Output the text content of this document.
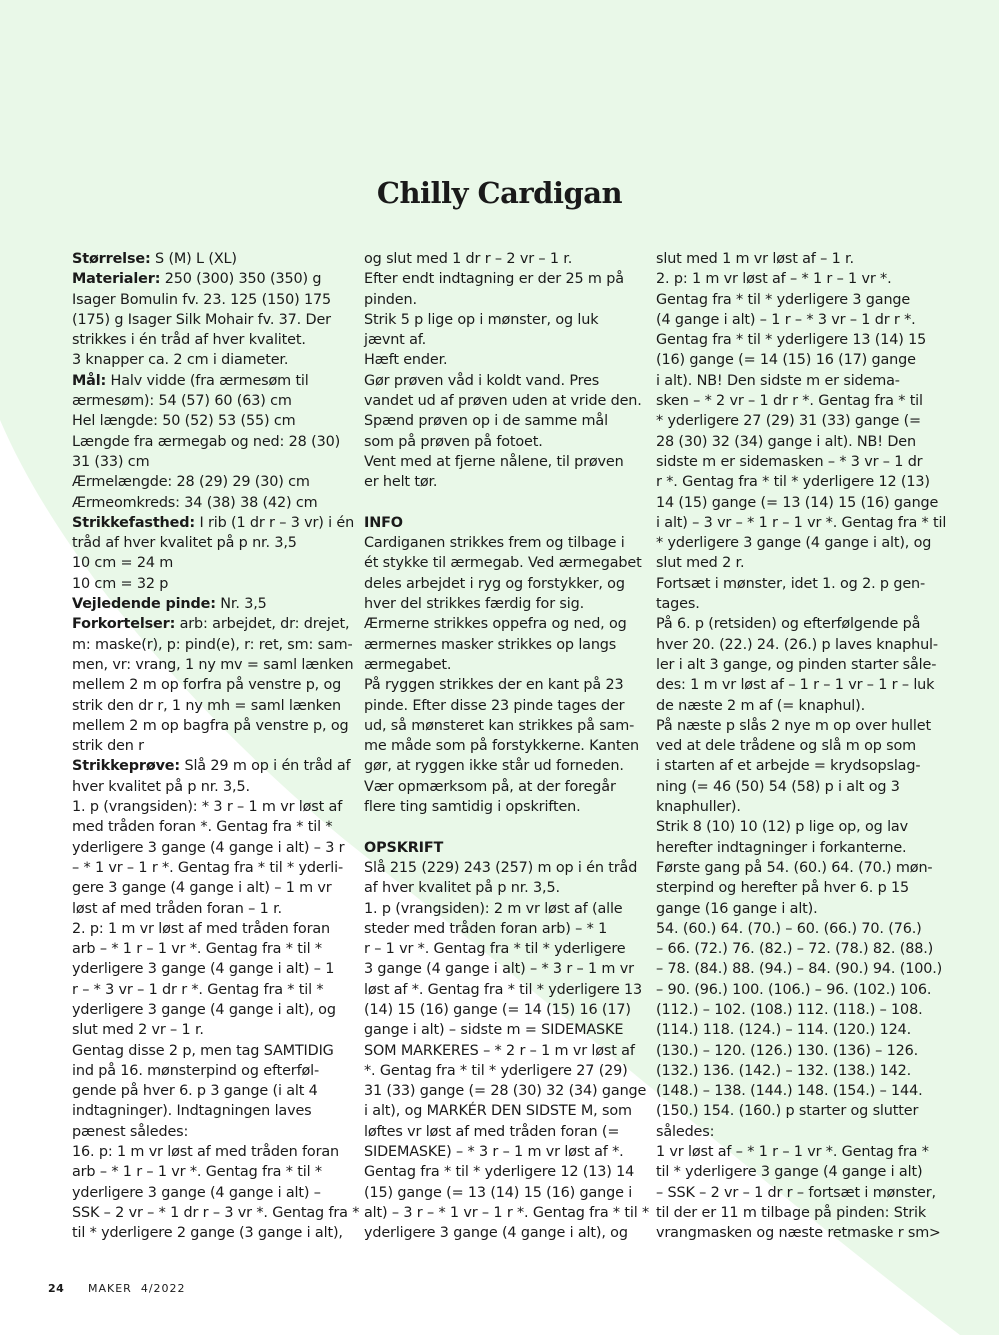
Chilly Cardigan
Størrelse: S (M) L (XL)
Materialer: 250 (300) 350 (350) g
Isager Bomulin fv. 23. 125 (150) 175
(175) g Isager Silk Mohair fv. 37. Der
strikkes i én tråd af hver kvalitet.
3 knapper ca. 2 cm i diameter.
Mål: Halv vidde (fra ærmesøm til
ærmesøm): 54 (57) 60 (63) cm
Hel længde: 50 (52) 53 (55) cm
Længde fra ærmegab og ned: 28 (30)
31 (33) cm
Ærmelængde: 28 (29) 29 (30) cm
Ærmeomkreds: 34 (38) 38 (42) cm
Strikkefasthed: I rib (1 dr r – 3 vr) i én
tråd af hver kvalitet på p nr. 3,5
10 cm = 24 m
10 cm = 32 p
Vejledende pinde: Nr. 3,5
Forkortelser: arb: arbejdet, dr: drejet,
m: maske(r), p: pind(e), r: ret, sm: sam-
men, vr: vrang, 1 ny mv = saml lænken
mellem 2 m op forfra på venstre p, og
strik den dr r, 1 ny mh = saml lænken
mellem 2 m op bagfra på venstre p, og
strik den r
Strikkeprøve: Slå 29 m op i én tråd af
hver kvalitet på p nr. 3,5.
1. p (vrangsiden): * 3 r – 1 m vr løst af
med tråden foran *. Gentag fra * til *
yderligere 3 gange (4 gange i alt) – 3 r
– * 1 vr – 1 r *. Gentag fra * til * yderli-
gere 3 gange (4 gange i alt) – 1 m vr
løst af med tråden foran – 1 r.
2. p: 1 m vr løst af med tråden foran
arb – * 1 r – 1 vr *. Gentag fra * til *
yderligere 3 gange (4 gange i alt) – 1
r – * 3 vr – 1 dr r *. Gentag fra * til *
yderligere 3 gange (4 gange i alt), og
slut med 2 vr – 1 r.
Gentag disse 2 p, men tag SAMTIDIG
ind på 16. mønsterpind og efterføl-
gende på hver 6. p 3 gange (i alt 4
indtagninger). Indtagningen laves
pænest således:
16. p: 1 m vr løst af med tråden foran
arb – * 1 r – 1 vr *. Gentag fra * til *
yderligere 3 gange (4 gange i alt) –
SSK – 2 vr – * 1 dr r – 3 vr *. Gentag fra *
til * yderligere 2 gange (3 gange i alt),
og slut med 1 dr r – 2 vr – 1 r.
Efter endt indtagning er der 25 m på
pinden.
Strik 5 p lige op i mønster, og luk
jævnt af.
Hæft ender.
Gør prøven våd i koldt vand. Pres
vandet ud af prøven uden at vride den.
Spænd prøven op i de samme mål
som på prøven på fotoet.
Vent med at fjerne nålene, til prøven
er helt tør.
INFO
Cardiganen strikkes frem og tilbage i
ét stykke til ærmegab. Ved ærmegabet
deles arbejdet i ryg og forstykker, og
hver del strikkes færdig for sig.
Ærmerne strikkes oppefra og ned, og
ærmernes masker strikkes op langs
ærmegabet.
På ryggen strikkes der en kant på 23
pinde. Efter disse 23 pinde tages der
ud, så mønsteret kan strikkes på sam-
me måde som på forstykkerne. Kanten
gør, at ryggen ikke står ud forneden.
Vær opmærksom på, at der foregår
flere ting samtidig i opskriften.
OPSKRIFT
Slå 215 (229) 243 (257) m op i én tråd
af hver kvalitet på p nr. 3,5.
1. p (vrangsiden): 2 m vr løst af (alle
steder med tråden foran arb) – * 1
r – 1 vr *. Gentag fra * til * yderligere
3 gange (4 gange i alt) – * 3 r – 1 m vr
løst af *. Gentag fra * til * yderligere 13
(14) 15 (16) gange (= 14 (15) 16 (17)
gange i alt) – sidste m = SIDEMASKE
SOM MARKERES – * 2 r – 1 m vr løst af
*. Gentag fra * til * yderligere 27 (29)
31 (33) gange (= 28 (30) 32 (34) gange
i alt), og MARKÉR DEN SIDSTE M, som
løftes vr løst af med tråden foran (=
SIDEMASKE) – * 3 r – 1 m vr løst af *.
Gentag fra * til * yderligere 12 (13) 14
(15) gange (= 13 (14) 15 (16) gange i
alt) – 3 r – * 1 vr – 1 r *. Gentag fra * til *
yderligere 3 gange (4 gange i alt), og
slut med 1 m vr løst af – 1 r.
2. p: 1 m vr løst af – * 1 r – 1 vr *.
Gentag fra * til * yderligere 3 gange
(4 gange i alt) – 1 r – * 3 vr – 1 dr r *.
Gentag fra * til * yderligere 13 (14) 15
(16) gange (= 14 (15) 16 (17) gange
i alt). NB! Den sidste m er sidema-
sken – * 2 vr – 1 dr r *. Gentag fra * til
* yderligere 27 (29) 31 (33) gange (=
28 (30) 32 (34) gange i alt). NB! Den
sidste m er sidemasken – * 3 vr – 1 dr
r *. Gentag fra * til * yderligere 12 (13)
14 (15) gange (= 13 (14) 15 (16) gange
i alt) – 3 vr – * 1 r – 1 vr *. Gentag fra * til
* yderligere 3 gange (4 gange i alt), og
slut med 2 r.
Fortsæt i mønster, idet 1. og 2. p gen-
tages.
På 6. p (retsiden) og efterfølgende på
hver 20. (22.) 24. (26.) p laves knaphul-
ler i alt 3 gange, og pinden starter såle-
des: 1 m vr løst af – 1 r – 1 vr – 1 r – luk
de næste 2 m af (= knaphul).
På næste p slås 2 nye m op over hullet
ved at dele trådene og slå m op som
i starten af et arbejde = krydsopslag-
ning (= 46 (50) 54 (58) p i alt og 3
knaphuller).
Strik 8 (10) 10 (12) p lige op, og lav
herefter indtagninger i forkanterne.
Første gang på 54. (60.) 64. (70.) møn-
sterpind og herefter på hver 6. p 15
gange (16 gange i alt).
54. (60.) 64. (70.) – 60. (66.) 70. (76.)
– 66. (72.) 76. (82.) – 72. (78.) 82. (88.)
– 78. (84.) 88. (94.) – 84. (90.) 94. (100.)
– 90. (96.) 100. (106.) – 96. (102.) 106.
(112.) – 102. (108.) 112. (118.) – 108.
(114.) 118. (124.) – 114. (120.) 124.
(130.) – 120. (126.) 130. (136) – 126.
(132.) 136. (142.) – 132. (138.) 142.
(148.) – 138. (144.) 148. (154.) – 144.
(150.) 154. (160.) p starter og slutter
således:
1 vr løst af – * 1 r – 1 vr *. Gentag fra *
til * yderligere 3 gange (4 gange i alt)
– SSK – 2 vr – 1 dr r – fortsæt i mønster,
til der er 11 m tilbage på pinden: Strik
vrangmasken og næste retmaske r sm >
24 MAKER 4/2022
